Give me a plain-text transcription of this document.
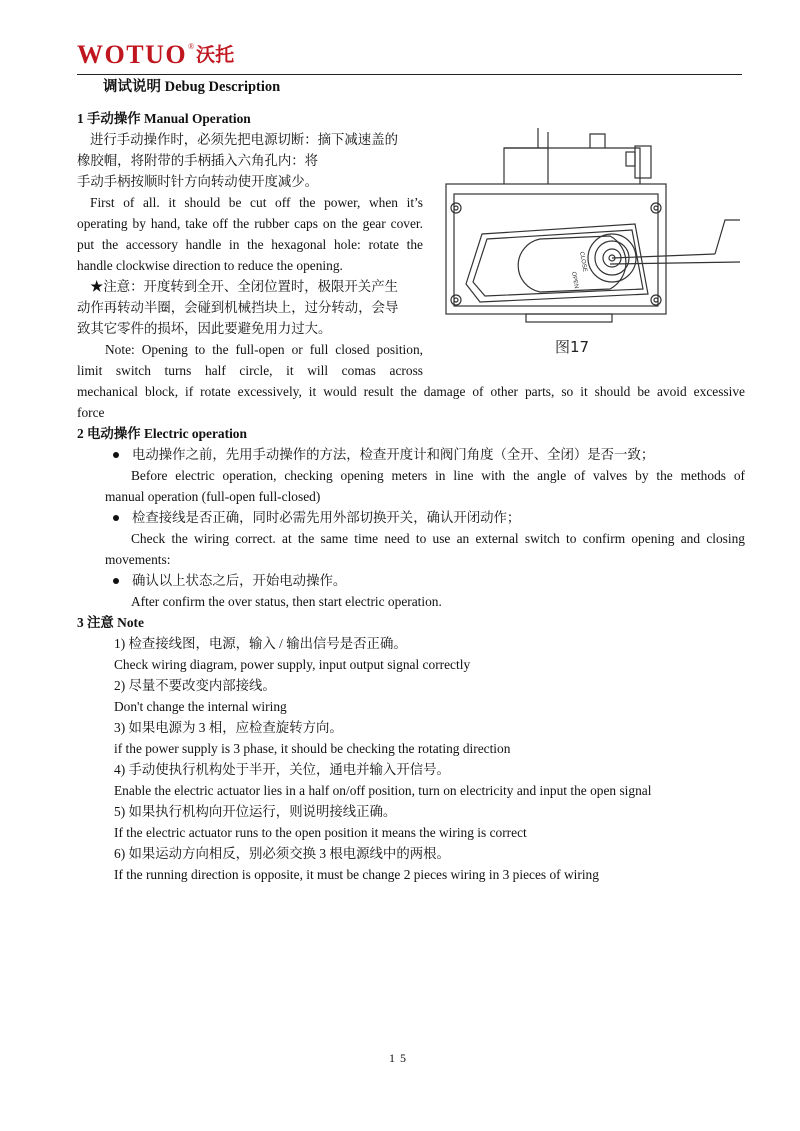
WOTUO ® 沃托
调试说明 Debug Description
1 手动操作 Manual Operation
进行手动操作时，必须先把电源切断：摘下减速盖的
橡胶帽，将附带的手柄插入六角孔内：将
手动手柄按顺时针方向转动使开度减少。
First of all. it should be cut off the power, when it’s
operating by hand, take off the rubber caps on the gear cover.
put the accessory handle in the hexagonal hole: rotate the
handle clockwise direction to reduce the opening.
★注意：开度转到全开、全闭位置时，极限开关产生
动作再转动半圈，会碰到机械挡块上，过分转动，会导
致其它零件的损坏，因此要避免用力过大。
Note: Opening to the full-open or full closed position,
limit switch turns half circle, it will comas across
mechanical block, if rotate excessively, it would result the damage of other parts, so it should be avoid excessive
force
CLOSE
OPEN
图17
2 电动操作 Electric operation
电动操作之前，先用手动操作的方法，检查开度计和阀门角度（全开、全闭）是否一致；
Before electric operation, checking opening meters in line with the angle of valves by the methods of
manual operation (full-open full-closed)
检查接线是否正确，同时必需先用外部切换开关，确认开闭动作；
Check the wiring correct. at the same time need to use an external switch to confirm opening and closing
movements:
确认以上状态之后，开始电动操作。
After confirm the over status, then start electric operation.
3 注意 Note
1) 检查接线图，电源，输入 / 输出信号是否正确。
Check wiring diagram, power supply, input output signal correctly
2) 尽量不要改变内部接线。
Don't change the internal wiring
3) 如果电源为 3 相，应检查旋转方向。
if the power supply is 3 phase, it should be checking the rotating direction
4) 手动使执行机构处于半开，关位，通电并输入开信号。
Enable the electric actuator lies in a half on/off position, turn on electricity and input the open signal
5) 如果执行机构向开位运行，则说明接线正确。
If the electric actuator runs to the open position it means the wiring is correct
6) 如果运动方向相反，别必须交换 3 根电源线中的两根。
If the running direction is opposite, it must be change 2 pieces wiring in 3 pieces of wiring
15
